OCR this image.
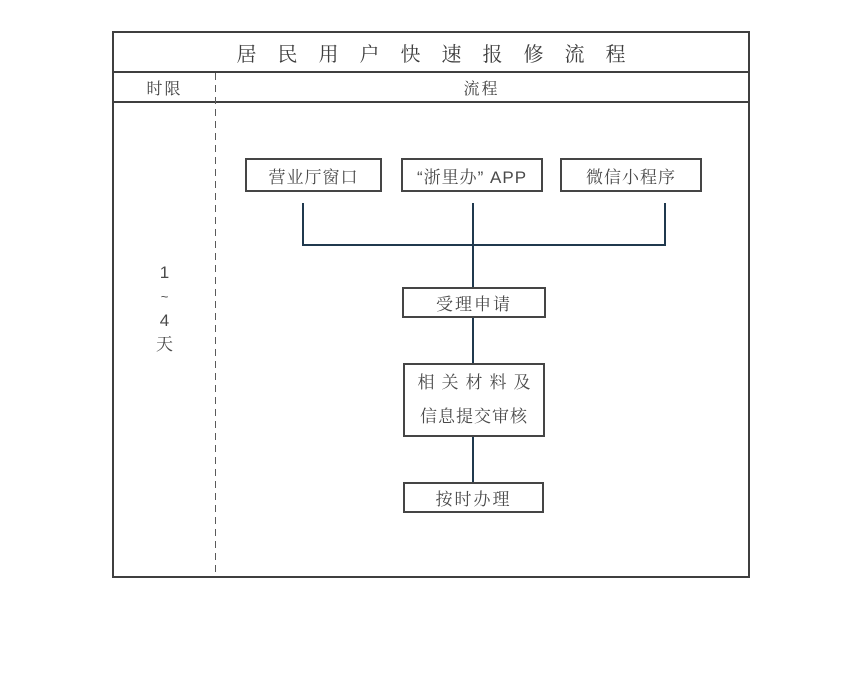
居民用户快速报修流程
时限	流程
1
~
4
天
营业厅窗口	“浙里办” APP	微信小程序
受理申请
相关材料及
信息提交审核
按时办理
